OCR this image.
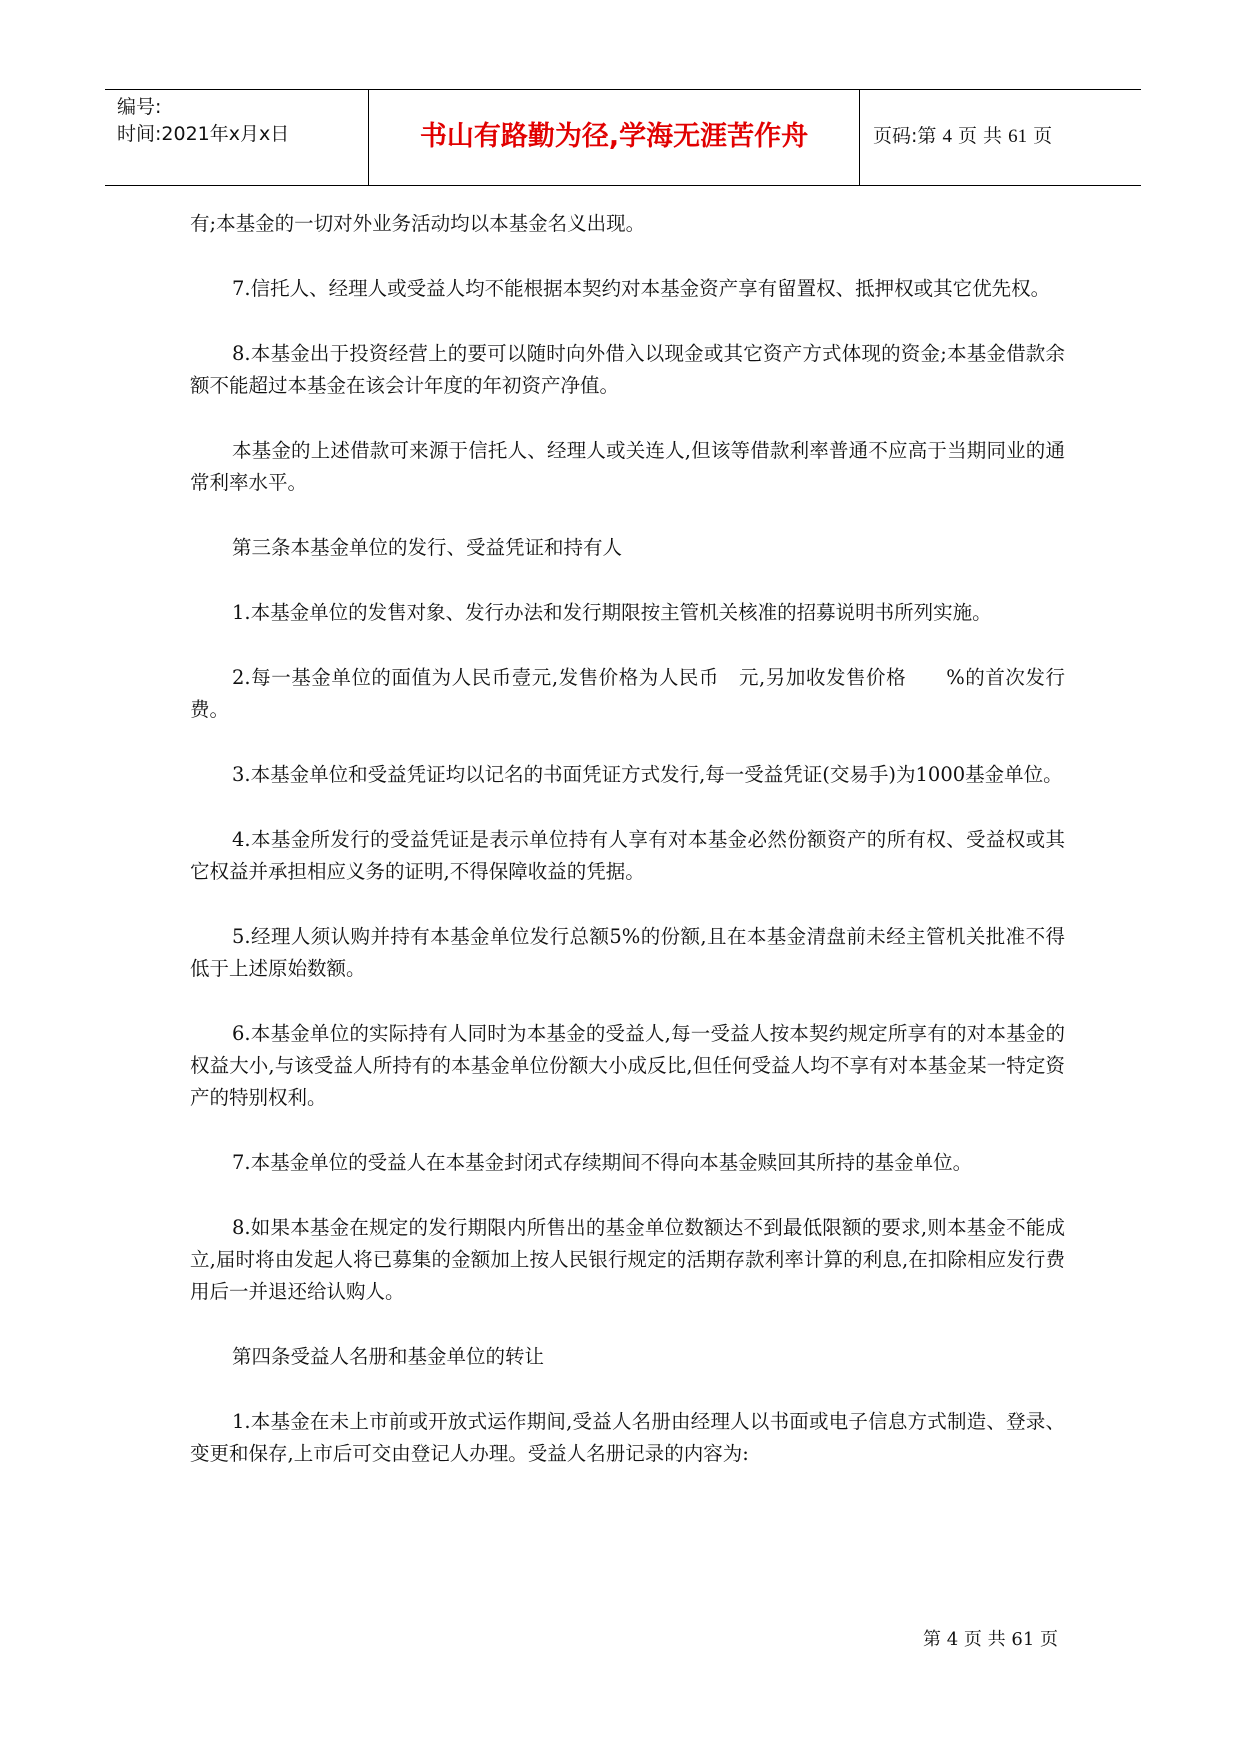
编号:
时间:2021年x月x日	书山有路勤为径,学海无涯苦作舟	页码:第 4 页 共 61 页

有;本基金的一切对外业务活动均以本基金名义出现。

7.信托人、经理人或受益人均不能根据本契约对本基金资产享有留置权、抵押权或其它优先权。

8.本基金出于投资经营上的要可以随时向外借入以现金或其它资产方式体现的资金;本基金借款余额不能超过本基金在该会计年度的年初资产净值。

本基金的上述借款可来源于信托人、经理人或关连人,但该等借款利率普通不应高于当期同业的通常利率水平。

第三条本基金单位的发行、受益凭证和持有人

1.本基金单位的发售对象、发行办法和发行期限按主管机关核准的招募说明书所列实施。

2.每一基金单位的面值为人民币壹元,发售价格为人民币　元,另加收发售价格　　%的首次发行费。

3.本基金单位和受益凭证均以记名的书面凭证方式发行,每一受益凭证(交易手)为1000基金单位。

4.本基金所发行的受益凭证是表示单位持有人享有对本基金必然份额资产的所有权、受益权或其它权益并承担相应义务的证明,不得保障收益的凭据。

5.经理人须认购并持有本基金单位发行总额5%的份额,且在本基金清盘前未经主管机关批准不得低于上述原始数额。

6.本基金单位的实际持有人同时为本基金的受益人,每一受益人按本契约规定所享有的对本基金的权益大小,与该受益人所持有的本基金单位份额大小成反比,但任何受益人均不享有对本基金某一特定资产的特别权利。

7.本基金单位的受益人在本基金封闭式存续期间不得向本基金赎回其所持的基金单位。

8.如果本基金在规定的发行期限内所售出的基金单位数额达不到最低限额的要求,则本基金不能成立,届时将由发起人将已募集的金额加上按人民银行规定的活期存款利率计算的利息,在扣除相应发行费用后一并退还给认购人。

第四条受益人名册和基金单位的转让

1.本基金在未上市前或开放式运作期间,受益人名册由经理人以书面或电子信息方式制造、登录、变更和保存,上市后可交由登记人办理。受益人名册记录的内容为:

第 4 页 共 61 页
